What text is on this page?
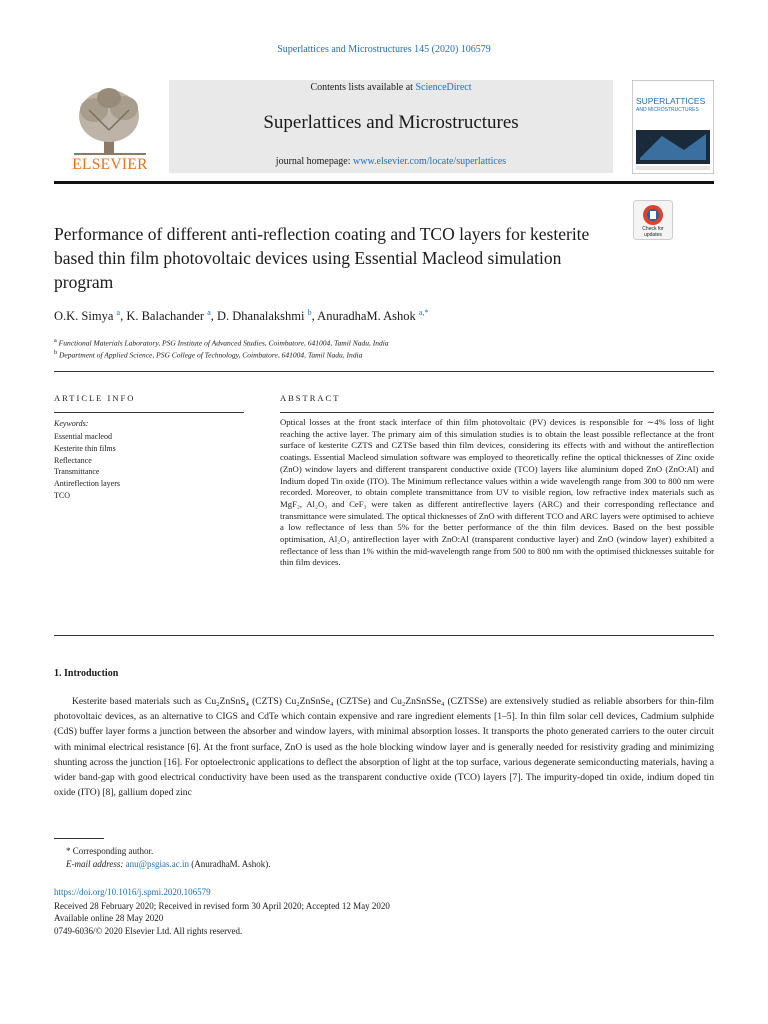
Superlattices and Microstructures 145 (2020) 106579
ELSEVIER
Contents lists available at ScienceDirect
Superlattices and Microstructures
journal homepage: www.elsevier.com/locate/superlattices
SUPERLATTICES
AND MICROSTRUCTURES
Check for updates
Performance of different anti-reflection coating and TCO layers for kesterite based thin film photovoltaic devices using Essential Macleod simulation program
O.K. Simya $^a$, K. Balachander $^a$, D. Dhanalakshmi $^b$, AnuradhaM. Ashok $^{a,*}$
$^a$ Functional Materials Laboratory, PSG Institute of Advanced Studies, Coimbatore, 641004, Tamil Nadu, India
$^b$ Department of Applied Science, PSG College of Technology, Coimbatore, 641004, Tamil Nadu, India
ARTICLE INFO	ABSTRACT
Keywords:
Essential macleod
Kesterite thin films
Reflectance
Transmittance
Antireflection layers
TCO
Optical losses at the front stack interface of thin film photovoltaic (PV) devices is responsible for ∼4% loss of light reaching the active layer. The primary aim of this simulation studies is to obtain the least possible reflectance at the front surface of kesterite CZTS and CZTSe based thin film devices, considering its effects with and without the antireflection coatings. Essential Macleod simulation software was employed to theoretically refine the optical thicknesses of Zinc oxide (ZnO) window layers and different transparent conductive oxide (TCO) layers like aluminium doped ZnO (ZnO:Al) and Indium doped Tin oxide (ITO). The Minimum reflectance values within a wide wavelength range from 300 to 800 nm were recorded. Moreover, to obtain complete transmittance from UV to visible region, low refractive index materials such as MgF₂, Al₂O₃ and CeF₃ were taken as different antireflective layers (ARC) and their corresponding reflectance and transmittance were simulated. The optical thicknesses of ZnO with different TCO and ARC layers were optimised to achieve a low reflectance of less than 5% for the better performance of the thin film devices. Based on the best possible optimisation, Al₂O₃ antireflection layer with ZnO:Al (transparent conductive layer) and ZnO (window layer) exhibited a reflectance of less than 1% within the mid-wavelength range from 500 to 800 nm with the optimised thicknesses suitable for thin film devices.
1. Introduction
Kesterite based materials such as Cu₂ZnSnS₄ (CZTS) Cu₂ZnSnSe₄ (CZTSe) and Cu₂ZnSnSSe₄ (CZTSSe) are extensively studied as reliable absorbers for thin-film photovoltaic devices, as an alternative to CIGS and CdTe which contain expensive and rare ingredient elements [1–5]. In thin film solar cell devices, Cadmium sulphide (CdS) buffer layer forms a junction between the absorber and window layers, with minimal absorption losses. It transports the photo generated carriers to the outer circuit with minimal electrical resistance [6]. At the front surface, ZnO is used as the hole blocking window layer and is generally needed for resistivity grading and minimizing shunting across the junction [16]. For optoelectronic applications to deflect the absorption of light at the top surface, various degenerate semiconducting materials, having a wider band-gap with good electrical conductivity have been used as the transparent conductive oxide (TCO) layers [7]. The impurity-doped tin oxide, indium doped tin oxide (ITO) [8], gallium doped zinc
* Corresponding author.
E-mail address: anu@psgias.ac.in (AnuradhaM. Ashok).
https://doi.org/10.1016/j.spmi.2020.106579
Received 28 February 2020; Received in revised form 30 April 2020; Accepted 12 May 2020
Available online 28 May 2020
0749-6036/© 2020 Elsevier Ltd. All rights reserved.
